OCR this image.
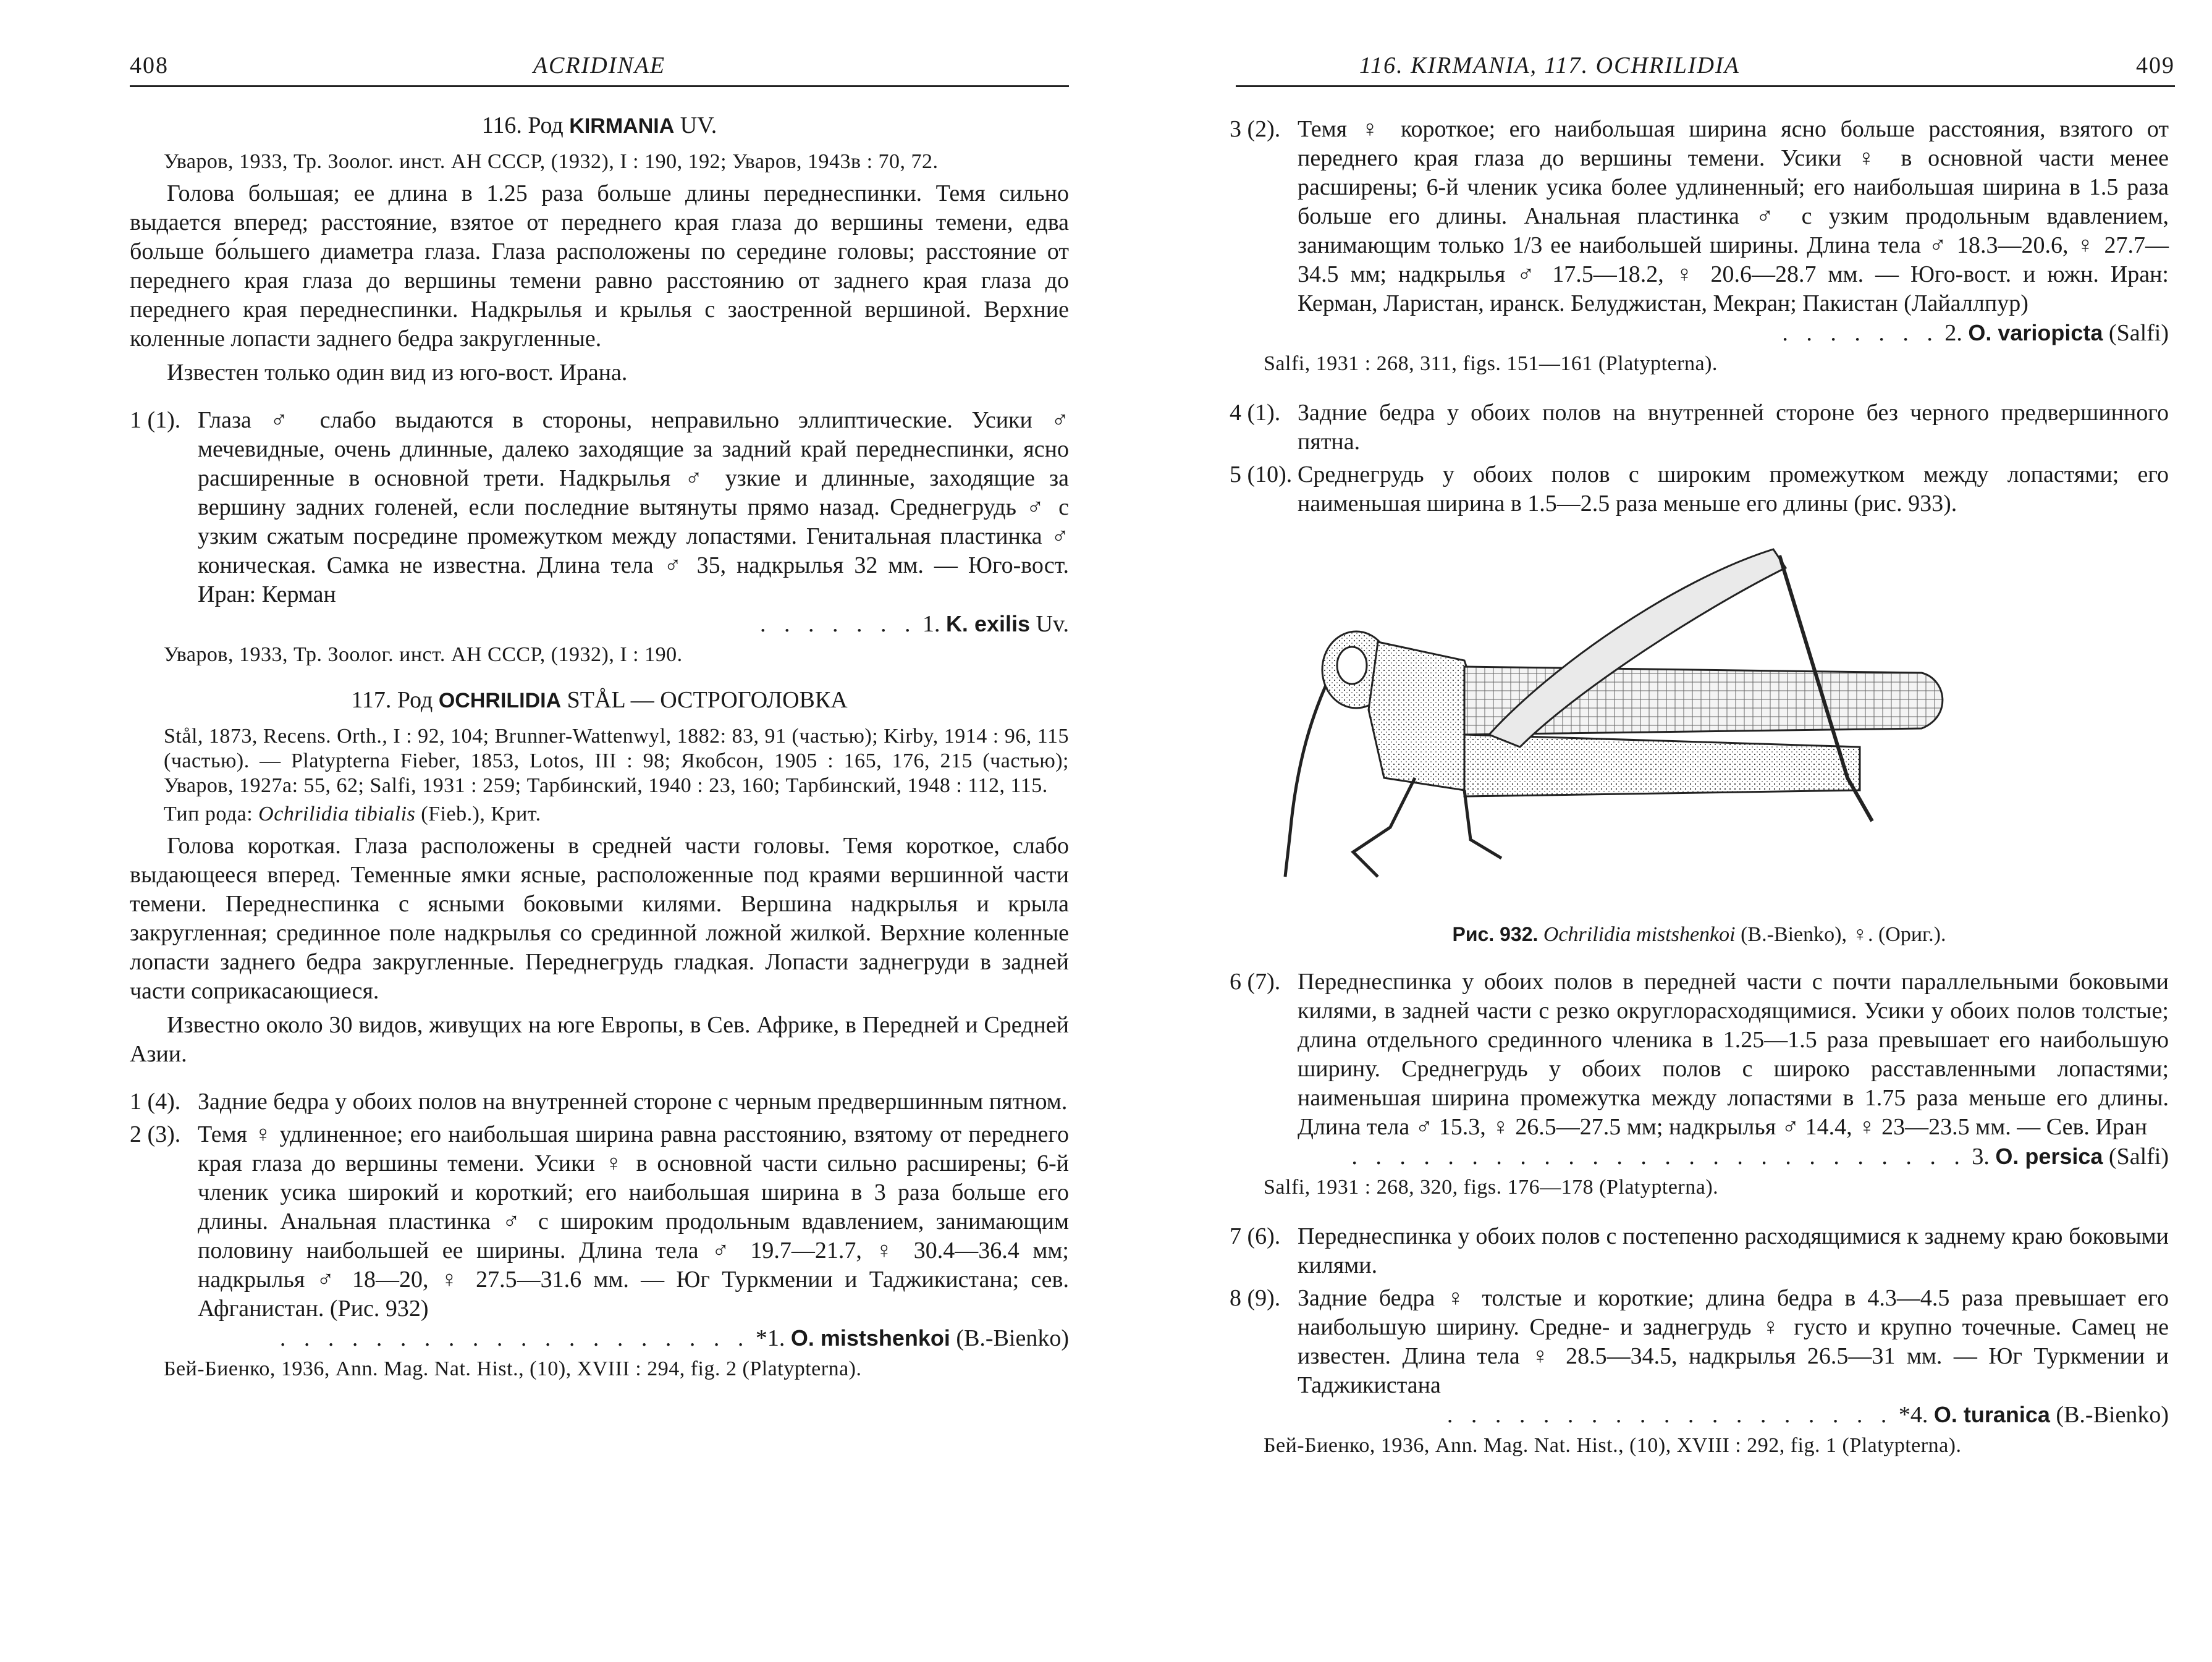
408	ACRIDINAE
116. Род KIRMANIA UV.
Уваров, 1933, Тр. Зоолог. инст. АН СССР, (1932), I : 190, 192; Уваров, 1943в : 70, 72.
Голова большая; ее длина в 1.25 раза больше длины переднеспинки. Темя сильно выдается вперед; расстояние, взятое от переднего края глаза до вершины темени, едва больше бо́льшего диаметра глаза. Глаза расположены по середине головы; расстояние от переднего края глаза до вершины темени равно расстоянию от заднего края глаза до переднего края переднеспинки. Надкрылья и крылья с заостренной вершиной. Верхние коленные лопасти заднего бедра закругленные.
Известен только один вид из юго-вост. Ирана.
1 (1). Глаза ♂ слабо выдаются в стороны, неправильно эллиптические. Усики ♂ мечевидные, очень длинные, далеко заходящие за задний край переднеспинки, ясно расширенные в основной трети. Надкрылья ♂ узкие и длинные, заходящие за вершину задних голеней, если последние вытянуты прямо назад. Среднегрудь ♂ с узким сжатым посредине промежутком между лопастями. Генитальная пластинка ♂ коническая. Самка не известна. Длина тела ♂ 35, надкрылья 32 мм. — Юго-вост. Иран: Керман
. . . . . . . 1. K. exilis Uv.
Уваров, 1933, Тр. Зоолог. инст. АН СССР, (1932), I : 190.
117. Род OCHRILIDIA STÅL — ОСТРОГОЛОВКА
Stål, 1873, Recens. Orth., I : 92, 104; Brunner-Wattenwyl, 1882: 83, 91 (частью); Kirby, 1914 : 96, 115 (частью). — Platypterna Fieber, 1853, Lotos, III : 98; Якобсон, 1905 : 165, 176, 215 (частью); Уваров, 1927a: 55, 62; Salfi, 1931 : 259; Тарбинский, 1940 : 23, 160; Тарбинский, 1948 : 112, 115.
Тип рода: Ochrilidia tibialis (Fieb.), Крит.
Голова короткая. Глаза расположены в средней части головы. Темя короткое, слабо выдающееся вперед. Теменные ямки ясные, расположенные под краями вершинной части темени. Переднеспинка с ясными боковыми килями. Вершина надкрылья и крыла закругленная; срединное поле надкрылья со срединной ложной жилкой. Верхние коленные лопасти заднего бедра закругленные. Переднегрудь гладкая. Лопасти заднегруди в задней части соприкасающиеся.
Известно около 30 видов, живущих на юге Европы, в Сев. Африке, в Передней и Средней Азии.
1 (4). Задние бедра у обоих полов на внутренней стороне с черным предвершинным пятном.
2 (3). Темя ♀ удлиненное; его наибольшая ширина равна расстоянию, взятому от переднего края глаза до вершины темени. Усики ♀ в основной части сильно расширены; 6-й членик усика широкий и короткий; его наибольшая ширина в 3 раза больше его длины. Анальная пластинка ♂ с широким продольным вдавлением, занимающим половину наибольшей ее ширины. Длина тела ♂ 19.7—21.7, ♀ 30.4—36.4 мм; надкрылья ♂ 18—20, ♀ 27.5—31.6 мм. — Юг Туркмении и Таджикистана; сев. Афганистан. (Рис. 932)
. . . . . . . . . . . . . . . . . . . . *1. O. mistshenkoi (B.-Bienko)
Бей-Биенко, 1936, Ann. Mag. Nat. Hist., (10), XVIII : 294, fig. 2 (Platypterna).
116. KIRMANIA, 117. OCHRILIDIA	409
3 (2). Темя ♀ короткое; его наибольшая ширина ясно больше расстояния, взятого от переднего края глаза до вершины темени. Усики ♀ в основной части менее расширены; 6-й членик усика более удлиненный; его наибольшая ширина в 1.5 раза больше его длины. Анальная пластинка ♂ с узким продольным вдавлением, занимающим только 1/3 ее наибольшей ширины. Длина тела ♂ 18.3—20.6, ♀ 27.7—34.5 мм; надкрылья ♂ 17.5—18.2, ♀ 20.6—28.7 мм. — Юго-вост. и южн. Иран: Керман, Ларистан, иранск. Белуджистан, Мекран; Пакистан (Лайаллпур)
. . . . . . . 2. O. variopicta (Salfi)
Salfi, 1931 : 268, 311, figs. 151—161 (Platypterna).
4 (1). Задние бедра у обоих полов на внутренней стороне без черного предвершинного пятна.
5 (10). Среднегрудь у обоих полов с широким промежутком между лопастями; его наименьшая ширина в 1.5—2.5 раза меньше его длины (рис. 933).
Рис. 932. Ochrilidia mistshenkoi (B.-Bienko), ♀. (Ориг.).
6 (7). Переднеспинка у обоих полов в передней части с почти параллельными боковыми килями, в задней части с резко округлорасходящимися. Усики у обоих полов толстые; длина отдельного срединного членика в 1.25—1.5 раза превышает его наибольшую ширину. Среднегрудь у обоих полов с широко расставленными лопастями; наименьшая ширина промежутка между лопастями в 1.75 раза меньше его длины. Длина тела ♂ 15.3, ♀ 26.5—27.5 мм; надкрылья ♂ 14.4, ♀ 23—23.5 мм. — Сев. Иран
. . . . . . . . . . . . . . . . . . . . . . . . . . 3. O. persica (Salfi)
Salfi, 1931 : 268, 320, figs. 176—178 (Platypterna).
7 (6). Переднеспинка у обоих полов с постепенно расходящимися к заднему краю боковыми килями.
8 (9). Задние бедра ♀ толстые и короткие; длина бедра в 4.3—4.5 раза превышает его наибольшую ширину. Средне- и заднегрудь ♀ густо и крупно точечные. Самец не известен. Длина тела ♀ 28.5—34.5, надкрылья 26.5—31 мм. — Юг Туркмении и Таджикистана
. . . . . . . . . . . . . . . . . . . *4. O. turanica (B.-Bienko)
Бей-Биенко, 1936, Ann. Mag. Nat. Hist., (10), XVIII : 292, fig. 1 (Platypterna).
